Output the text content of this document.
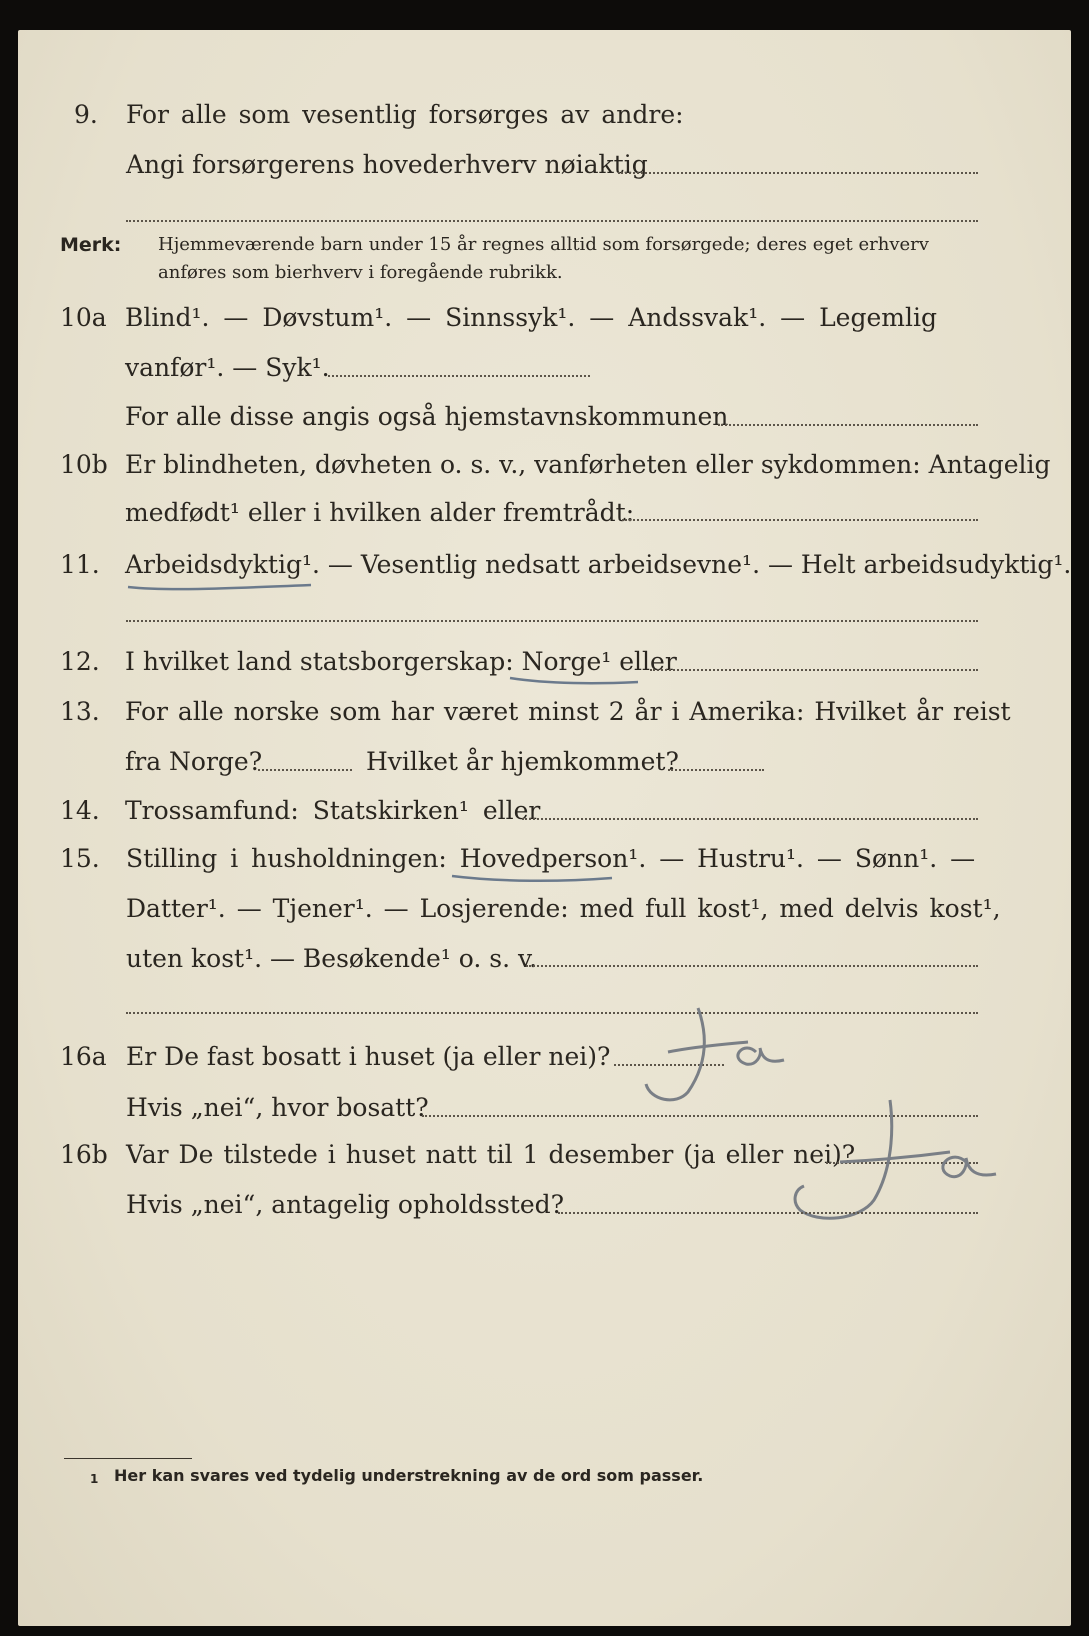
9. For alle som vesentlig forsørges av andre:
Angi forsørgerens hovederhverv nøiaktig
Merk: Hjemmeværende barn under 15 år regnes alltid som forsørgede; deres eget erhverv
anføres som bierhverv i foregående rubrikk.
10a Blind¹. — Døvstum¹. — Sinnssyk¹. — Andssvak¹. — Legemlig
vanfør¹. — Syk¹.
For alle disse angis også hjemstavnskommunen
10b Er blindheten, døvheten o. s. v., vanførheten eller sykdommen: Antagelig
medfødt¹ eller i hvilken alder fremtrådt:
11. Arbeidsdyktig¹. — Vesentlig nedsatt arbeidsevne¹. — Helt arbeidsudyktig¹.
12. I hvilket land statsborgerskap: Norge¹ eller
13. For alle norske som har været minst 2 år i Amerika: Hvilket år reist
fra Norge?	Hvilket år hjemkommet?
14. Trossamfund: Statskirken¹ eller
15. Stilling i husholdningen: Hovedperson¹. — Hustru¹. — Sønn¹. —
Datter¹. — Tjener¹. — Losjerende: med full kost¹, med delvis kost¹,
uten kost¹. — Besøkende¹ o. s. v.
16a Er De fast bosatt i huset (ja eller nei)?
Hvis „nei“, hvor bosatt?
16b Var De tilstede i huset natt til 1 desember (ja eller nei)?
Hvis „nei“, antagelig opholdssted?
1 Her kan svares ved tydelig understrekning av de ord som passer.
